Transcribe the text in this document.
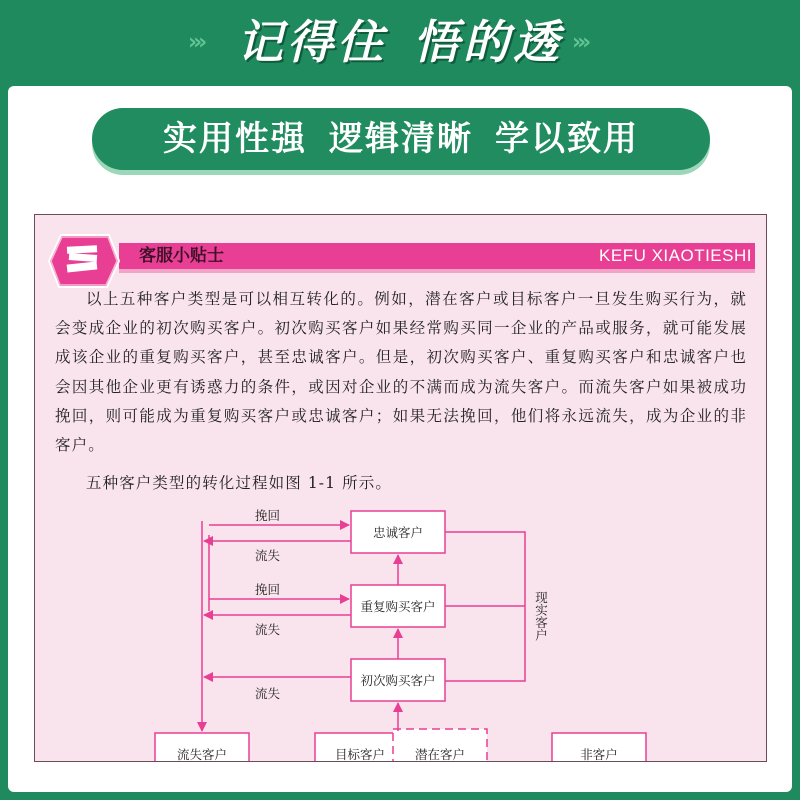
›››	›››
记得住 悟的透
实用性强 逻辑清晰 学以致用
客服小贴士	KEFU XIAOTIESHI

以上五种客户类型是可以相互转化的。例如，潜在客户或目标客户一旦发生购买行为，就会变成企业的初次购买客户。初次购买客户如果经常购买同一企业的产品或服务，就可能发展成该企业的重复购买客户，甚至忠诚客户。但是，初次购买客户、重复购买客户和忠诚客户也会因其他企业更有诱惑力的条件，或因对企业的不满而成为流失客户。而流失客户如果被成功挽回，则可能成为重复购买客户或忠诚客户；如果无法挽回，他们将永远流失，成为企业的非客户。

五种客户类型的转化过程如图 1-1 所示。

忠诚客户
重复购买客户
初次购买客户
流失客户	目标客户 潜在客户	非客户
挽回
流失
挽回
流失
流失
现实客户
